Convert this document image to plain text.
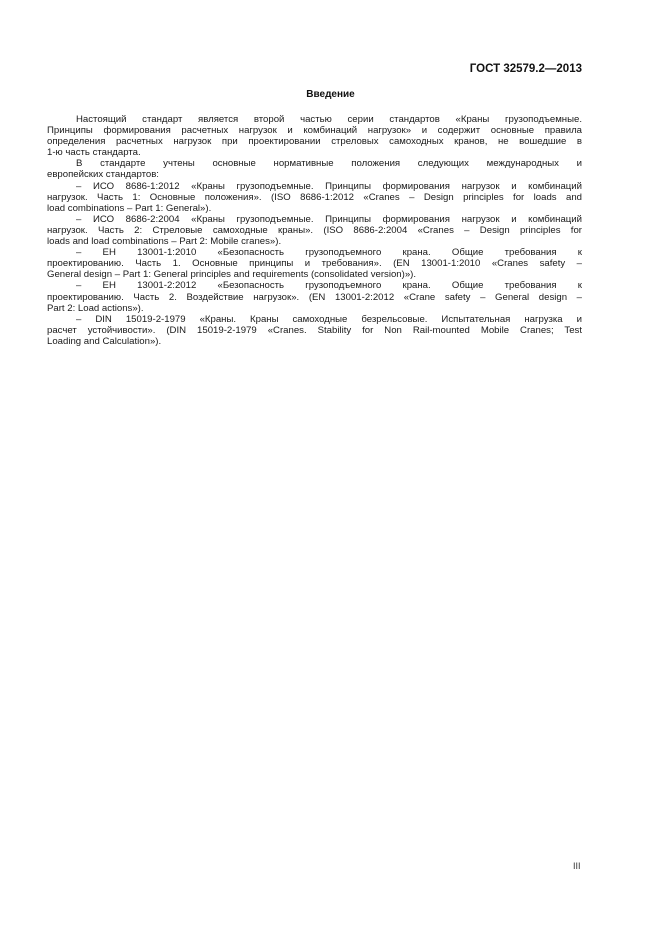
ГОСТ 32579.2—2013
Введение
Настоящий стандарт является второй частью серии стандартов «Краны грузоподъемные.
Принципы формирования расчетных нагрузок и комбинаций нагрузок» и содержит основные правила
определения расчетных нагрузок при проектировании стреловых самоходных кранов, не вошедшие в
1-ю часть стандарта.
В стандарте учтены основные нормативные положения следующих международных и
европейских стандартов:
– ИСО 8686-1:2012 «Краны грузоподъемные. Принципы формирования нагрузок и комбинаций
нагрузок. Часть 1: Основные положения». (ISO 8686-1:2012 «Cranes – Design principles for loads and
load combinations – Part 1: General»).
– ИСО 8686-2:2004 «Краны грузоподъемные. Принципы формирования нагрузок и комбинаций
нагрузок. Часть 2: Стреловые самоходные краны». (ISO 8686-2:2004 «Cranes – Design principles for
loads and load combinations – Part 2: Mobile cranes»).
– ЕН 13001-1:2010 «Безопасность грузоподъемного крана. Общие требования к
проектированию. Часть 1. Основные принципы и требования». (EN 13001-1:2010 «Cranes safety –
General design – Part 1: General principles and requirements (consolidated version)»).
– ЕН 13001-2:2012 «Безопасность грузоподъемного крана. Общие требования к
проектированию. Часть 2. Воздействие нагрузок». (EN 13001-2:2012 «Crane safety – General design –
Part 2: Load actions»).
– DIN 15019-2-1979 «Краны. Краны самоходные безрельсовые. Испытательная нагрузка и
расчет устойчивости». (DIN 15019-2-1979 «Cranes. Stability for Non Rail-mounted Mobile Cranes; Test
Loading and Calculation»).
III
